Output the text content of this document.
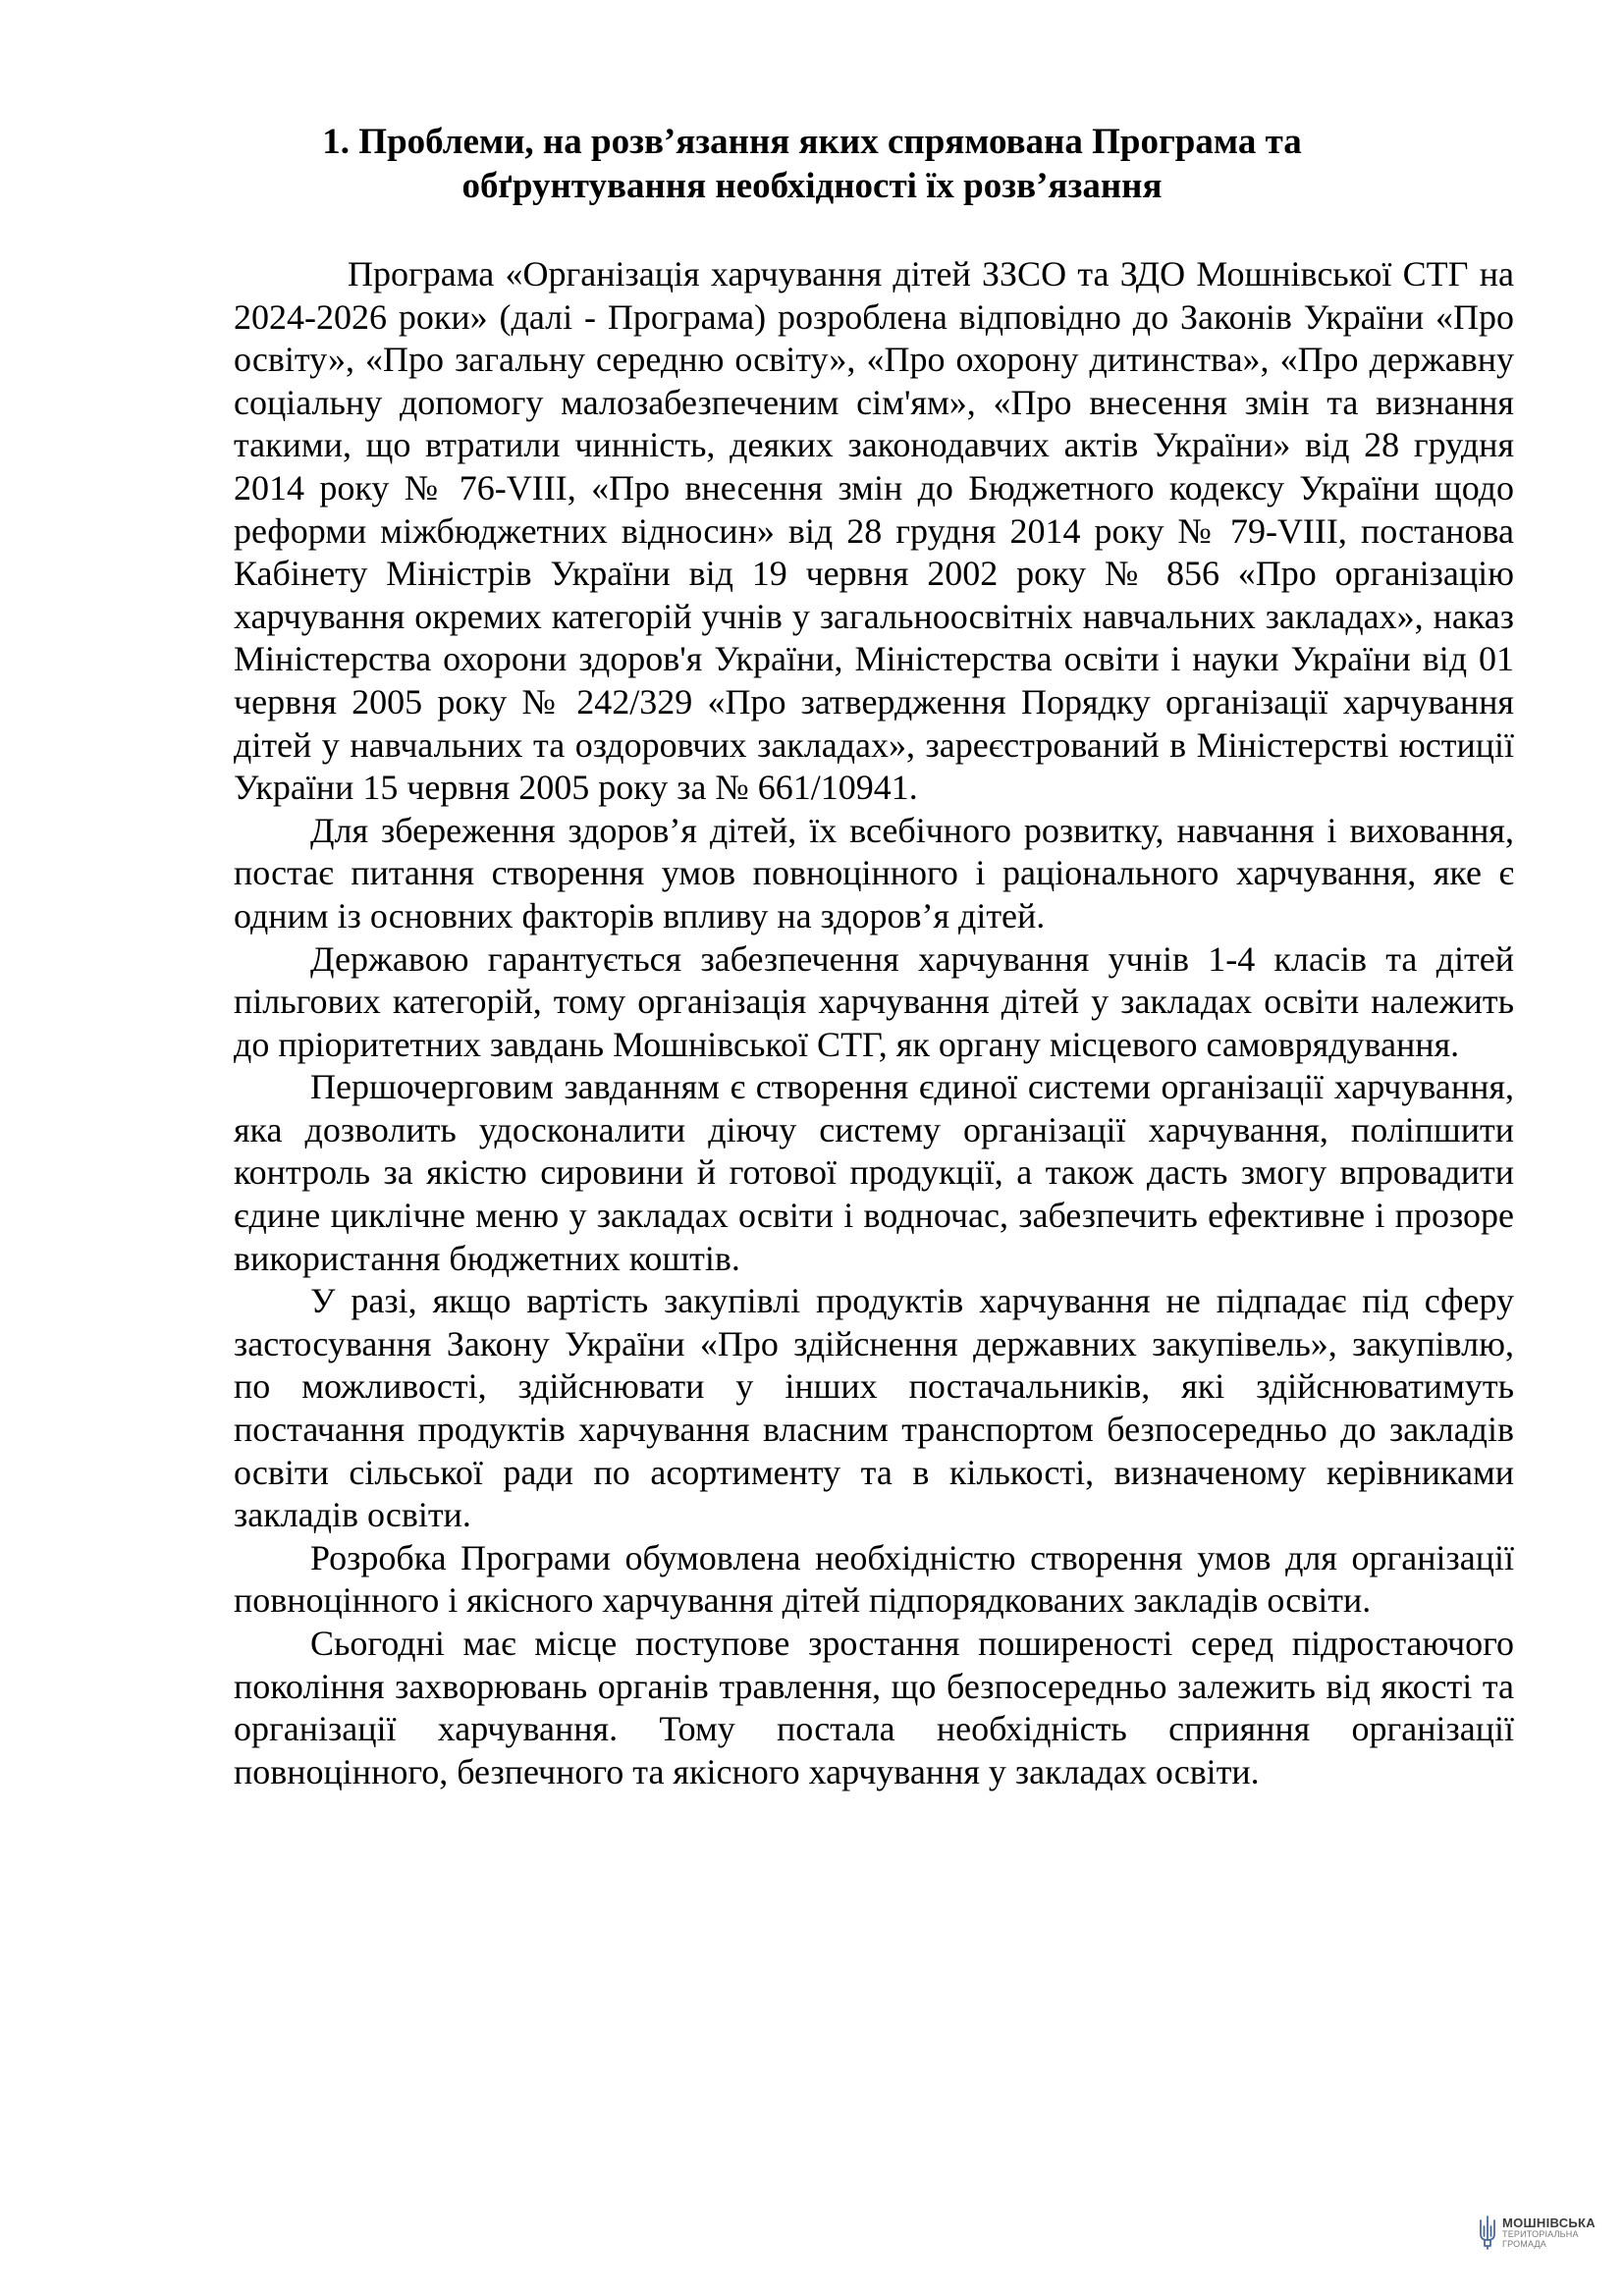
1. Проблеми, на розв’язання яких спрямована Програма та
обґрунтування необхідності їх розв’язання

Програма «Організація харчування дітей ЗЗСО та ЗДО Мошнівської СТГ на 2024-2026 роки» (далі - Програма) розроблена відповідно до Законів України «Про освіту», «Про загальну середню освіту», «Про охорону дитинства», «Про державну соціальну допомогу малозабезпеченим сім'ям», «Про внесення змін та визнання такими, що втратили чинність, деяких законодавчих актів України» від 28 грудня 2014 року № 76-VIII, «Про внесення змін до Бюджетного кодексу України щодо реформи міжбюджетних відносин» від 28 грудня 2014 року № 79-VIII, постанова Кабінету Міністрів України від 19 червня 2002 року № 856 «Про організацію харчування окремих категорій учнів у загальноосвітніх навчальних закладах», наказ Міністерства охорони здоров'я України, Міністерства освіти і науки України від 01 червня 2005 року № 242/329 «Про затвердження Порядку організації харчування дітей у навчальних та оздоровчих закладах», зареєстрований в Міністерстві юстиції України 15 червня 2005 року за № 661/10941.

Для збереження здоров’я дітей, їх всебічного розвитку, навчання і виховання, постає питання створення умов повноцінного і раціонального харчування, яке є одним із основних факторів впливу на здоров’я дітей.

Державою гарантується забезпечення харчування учнів 1-4 класів та дітей пільгових категорій, тому організація харчування дітей у закладах освіти належить до пріоритетних завдань Мошнівської СТГ, як органу місцевого самоврядування.

Першочерговим завданням є створення єдиної системи організації харчування, яка дозволить удосконалити діючу систему організації харчування, поліпшити контроль за якістю сировини й готової продукції, а також дасть змогу впровадити єдине циклічне меню у закладах освіти і водночас, забезпечить ефективне і прозоре використання бюджетних коштів.

У разі, якщо вартість закупівлі продуктів харчування не підпадає під сферу застосування Закону України «Про здійснення державних закупівель», закупівлю, по можливості, здійснювати у інших постачальників, які здійснюватимуть постачання продуктів харчування власним транспортом безпосередньо до закладів освіти сільської ради по асортименту та в кількості, визначеному керівниками закладів освіти.

Розробка Програми обумовлена необхідністю створення умов для організації повноцінного і якісного харчування дітей підпорядкованих закладів освіти.

Сьогодні має місце поступове зростання поширеності серед підростаючого покоління захворювань органів травлення, що безпосередньо залежить від якості та організації харчування. Тому постала необхідність сприяння організації повноцінного, безпечного та якісного харчування у закладах освіти.

МОШНІВСЬКА
ТЕРИТОРІАЛЬНА
ГРОМАДА
